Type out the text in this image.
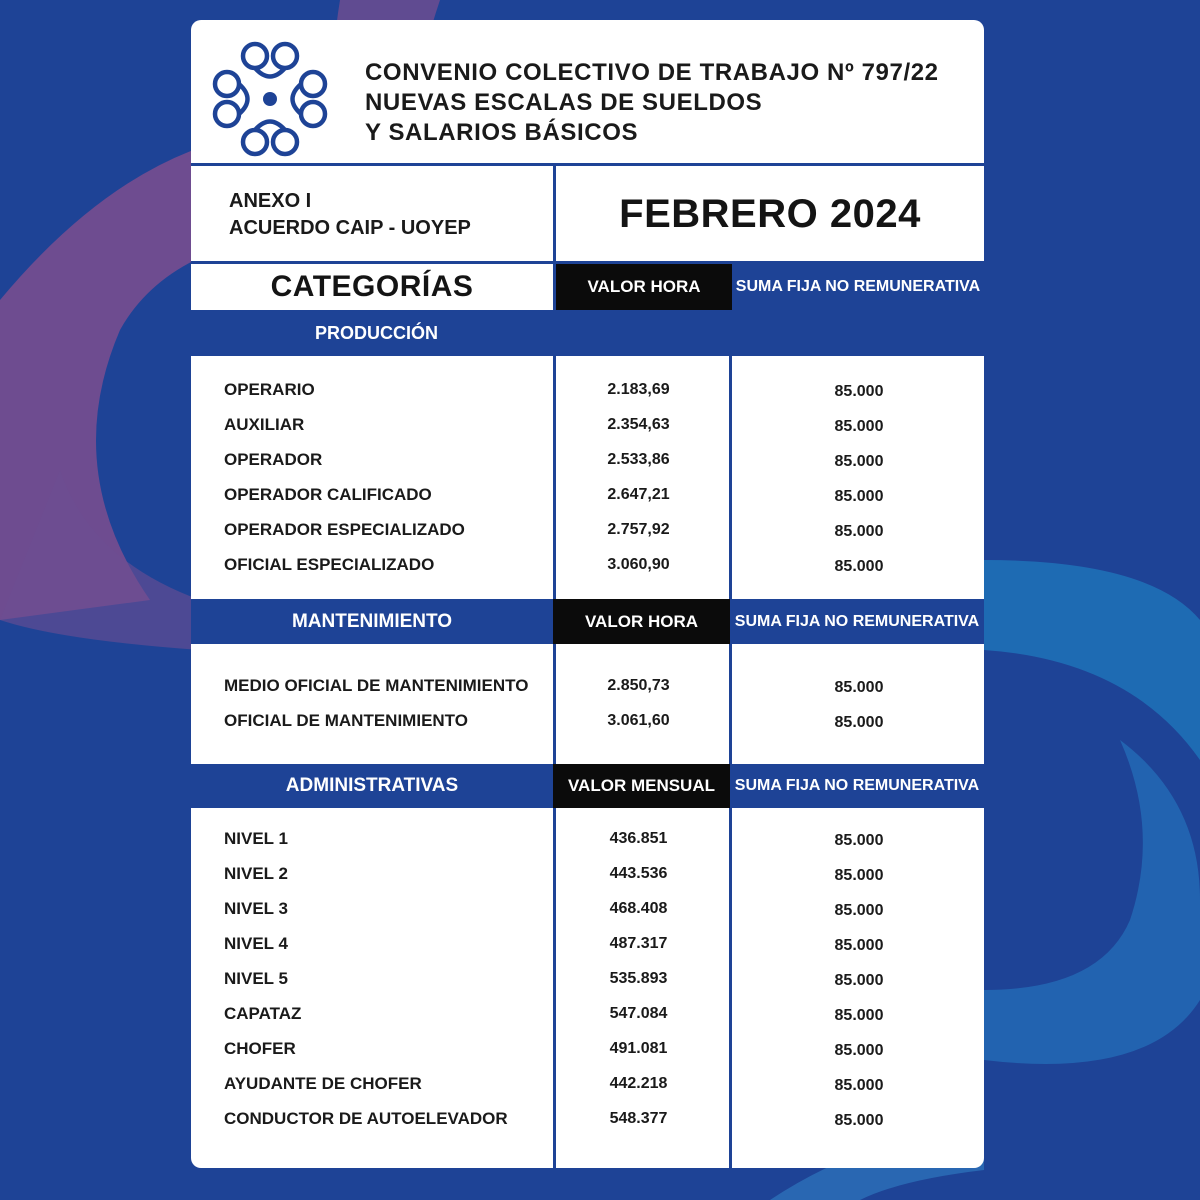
CONVENIO COLECTIVO DE TRABAJO Nº 797/22
NUEVAS ESCALAS DE SUELDOS
Y SALARIOS BÁSICOS
ANEXO I
ACUERDO CAIP - UOYEP	FEBRERO 2024
CATEGORÍAS	VALOR HORA	SUMA FIJA NO REMUNERATIVA
PRODUCCIÓN
OPERARIO	2.183,69	85.000
AUXILIAR	2.354,63	85.000
OPERADOR	2.533,86	85.000
OPERADOR CALIFICADO	2.647,21	85.000
OPERADOR ESPECIALIZADO	2.757,92	85.000
OFICIAL ESPECIALIZADO	3.060,90	85.000
MANTENIMIENTO	VALOR HORA	SUMA FIJA NO REMUNERATIVA
MEDIO OFICIAL DE MANTENIMIENTO	2.850,73	85.000
OFICIAL DE MANTENIMIENTO	3.061,60	85.000
ADMINISTRATIVAS	VALOR MENSUAL	SUMA FIJA NO REMUNERATIVA
NIVEL 1	436.851	85.000
NIVEL 2	443.536	85.000
NIVEL 3	468.408	85.000
NIVEL 4	487.317	85.000
NIVEL 5	535.893	85.000
CAPATAZ	547.084	85.000
CHOFER	491.081	85.000
AYUDANTE DE CHOFER	442.218	85.000
CONDUCTOR DE AUTOELEVADOR	548.377	85.000
